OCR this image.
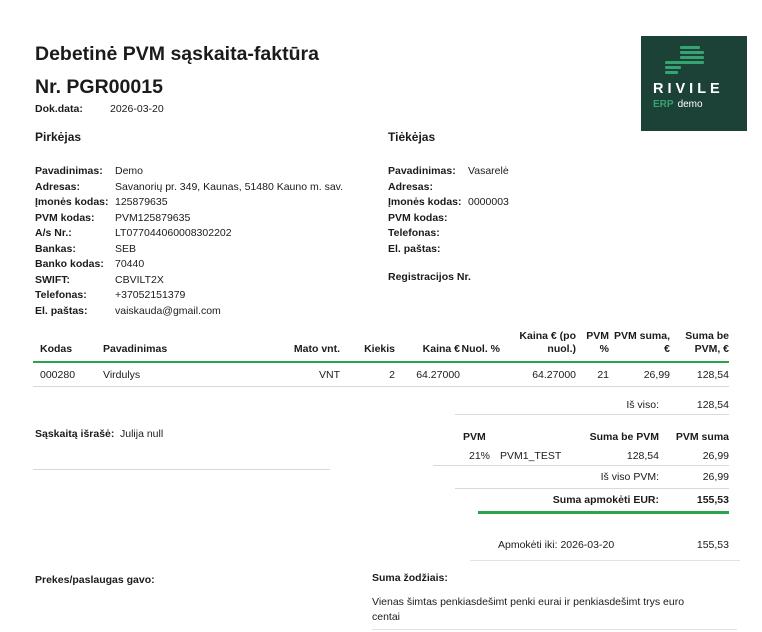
Debetinė PVM sąskaita-faktūra
Nr. PGR00015
Dok.data:	2026-03-20
RIVILE
ERP demo
Pirkėjas
Pavadinimas:	Demo
Adresas:	Savanorių pr. 349, Kaunas, 51480 Kauno m. sav.
Įmonės kodas: 125879635
PVM kodas:	PVM125879635
A/s Nr.:	LT077044060008302202
Bankas:	SEB
Banko kodas:	70440
SWIFT:	CBVILT2X
Telefonas:	+37052151379
El. paštas:	vaiskauda@gmail.com
Tiėkėjas
Pavadinimas:	Vasarelė
Adresas:
Įmonės kodas: 0000003
PVM kodas:
Telefonas:
El. paštas:
Registracijos Nr.
Kodas	Pavadinimas	Mato vnt.	Kiekis	Kaina €	Nuol. %	Kaina € (po nuol.)	PVM %	PVM suma, €	Suma be PVM, €
000280	Virdulys	VNT	2	64.27000		64.27000	21	26,99	128,54
Iš viso:	128,54
Sąskaitą išrašė: Julija null	PVM	Suma be PVM	PVM suma
21% PVM1_TEST	128,54	26,99
Iš viso PVM:	26,99
Suma apmokėti EUR:	155,53
Apmokėti iki: 2026-03-20	155,53
Prekes/paslaugas gavo:	Suma žodžiais:
Vienas šimtas penkiasdešimt penki eurai ir penkiasdešimt trys euro centai
